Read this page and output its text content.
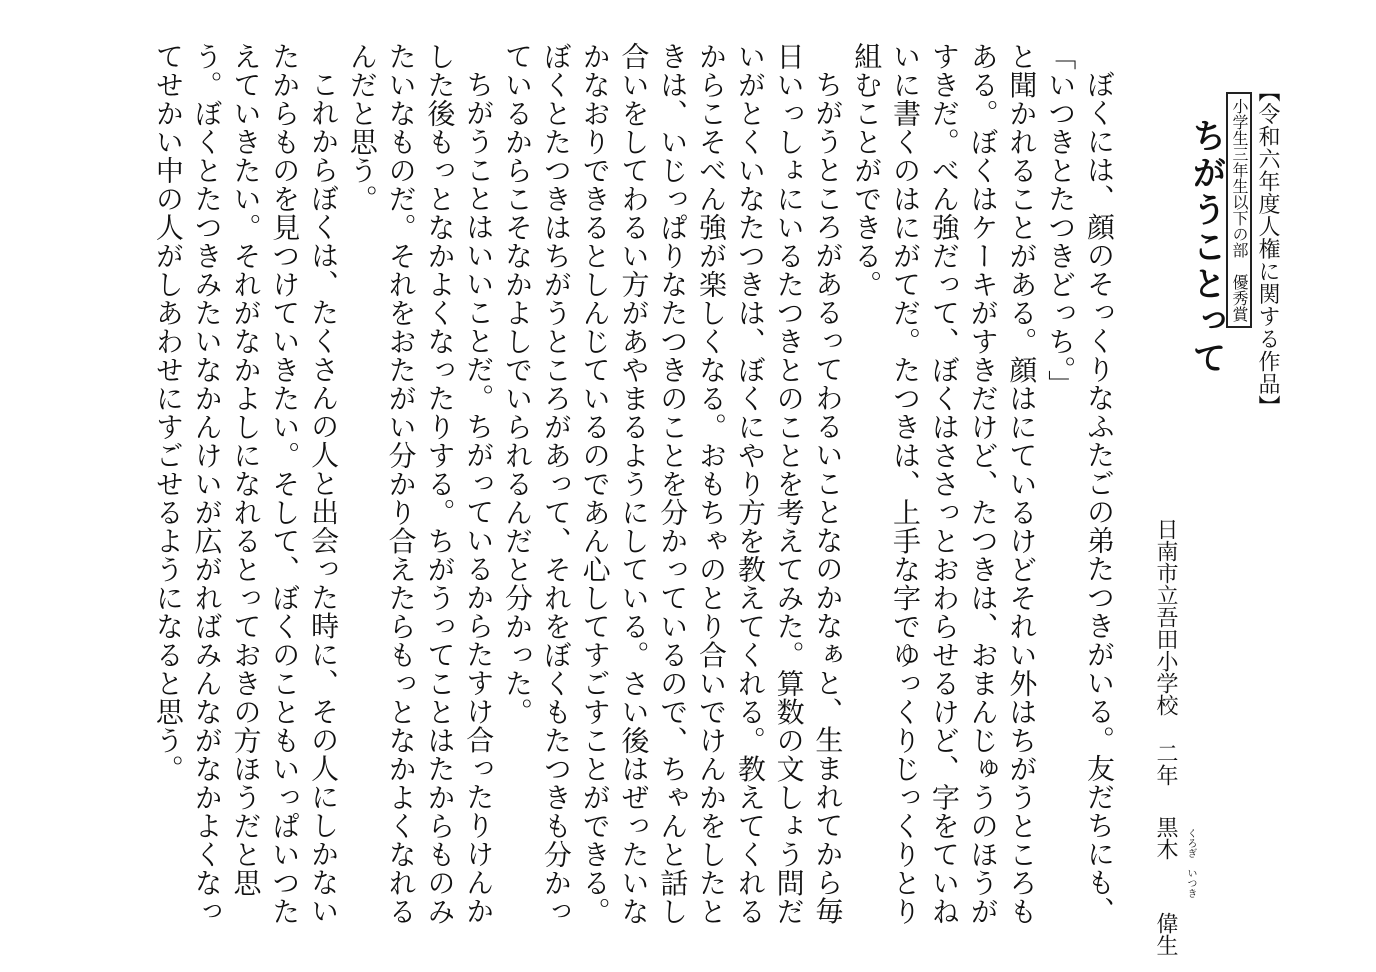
【令和六年度人権に関する作品】
小学生三年生以下の部　優秀賞
ちがうことって
日南市立吾田小学校二年黒木偉生
くろぎ
いつき

ぼくには、顔のそっくりなふたごの弟たつきがいる。友だちにも、

「いつきとたつきどっち。」

と聞かれることがある。顔はにているけどそれい外はちがうところもある。ぼくはケーキがすきだけど、たつきは、おまんじゅうのほうがすきだ。べん強だって、ぼくはささっとおわらせるけど、字をていねいに書くのはにがてだ。たつきは、上手な字でゆっくりじっくりとり組むことができる。

ちがうところがあるってわるいことなのかなぁと、生まれてから毎日いっしょにいるたつきとのことを考えてみた。算数の文しょう問だいがとくいなたつきは、ぼくにやり方を教えてくれる。教えてくれるからこそべん強が楽しくなる。おもちゃのとり合いでけんかをしたときは、いじっぱりなたつきのことを分かっているので、ちゃんと話し合いをしてわるい方があやまるようにしている。さい後はぜったいなかなおりできるとしんじているのであん心してすごすことができる。ぼくとたつきはちがうところがあって、それをぼくもたつきも分かっているからこそなかよしでいられるんだと分かった。

ちがうことはいいことだ。ちがっているからたすけ合ったりけんかした後もっとなかよくなったりする。ちがうってことはたからものみたいなものだ。それをおたがい分かり合えたらもっとなかよくなれるんだと思う。

これからぼくは、たくさんの人と出会った時に、その人にしかないたからものを見つけていきたい。そして、ぼくのこともいっぱいつたえていきたい。それがなかよしになれるとっておきの方ほうだと思う。ぼくとたつきみたいなかんけいが広がればみんながなかよくなってせかい中の人がしあわせにすごせるようになると思う。
